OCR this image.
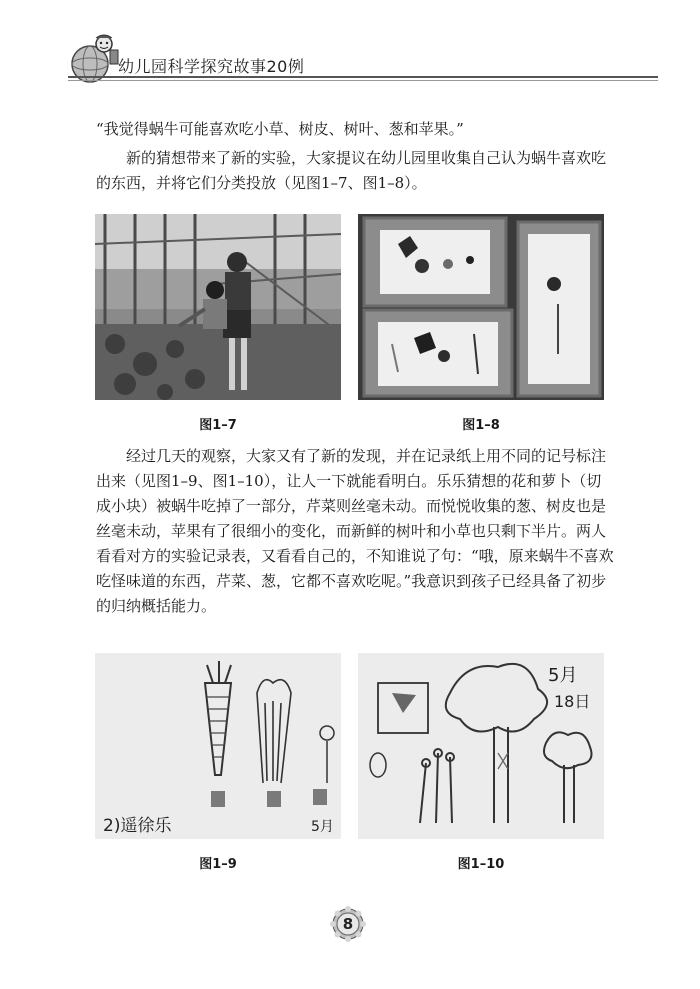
幼儿园科学探究故事20例

“我觉得蜗牛可能喜欢吃小草、树皮、树叶、葱和苹果。”

新的猜想带来了新的实验，大家提议在幼儿园里收集自己认为蜗牛喜欢吃的东西，并将它们分类投放（见图1–7、图1–8）。

图1–7	图1–8

经过几天的观察，大家又有了新的发现，并在记录纸上用不同的记号标注出来（见图1–9、图1–10），让人一下就能看明白。乐乐猜想的花和萝卜（切成小块）被蜗牛吃掉了一部分，芹菜则丝毫未动。而悦悦收集的葱、树皮也是丝毫未动，苹果有了很细小的变化，而新鲜的树叶和小草也只剩下半片。两人看看对方的实验记录表，又看看自己的，不知谁说了句：“哦，原来蜗牛不喜欢吃怪味道的东西，芹菜、葱，它都不喜欢吃呢。”我意识到孩子已经具备了初步的归纳概括能力。

2)遥徐乐	5月
5月
18日
图1–9	图1–10
8
